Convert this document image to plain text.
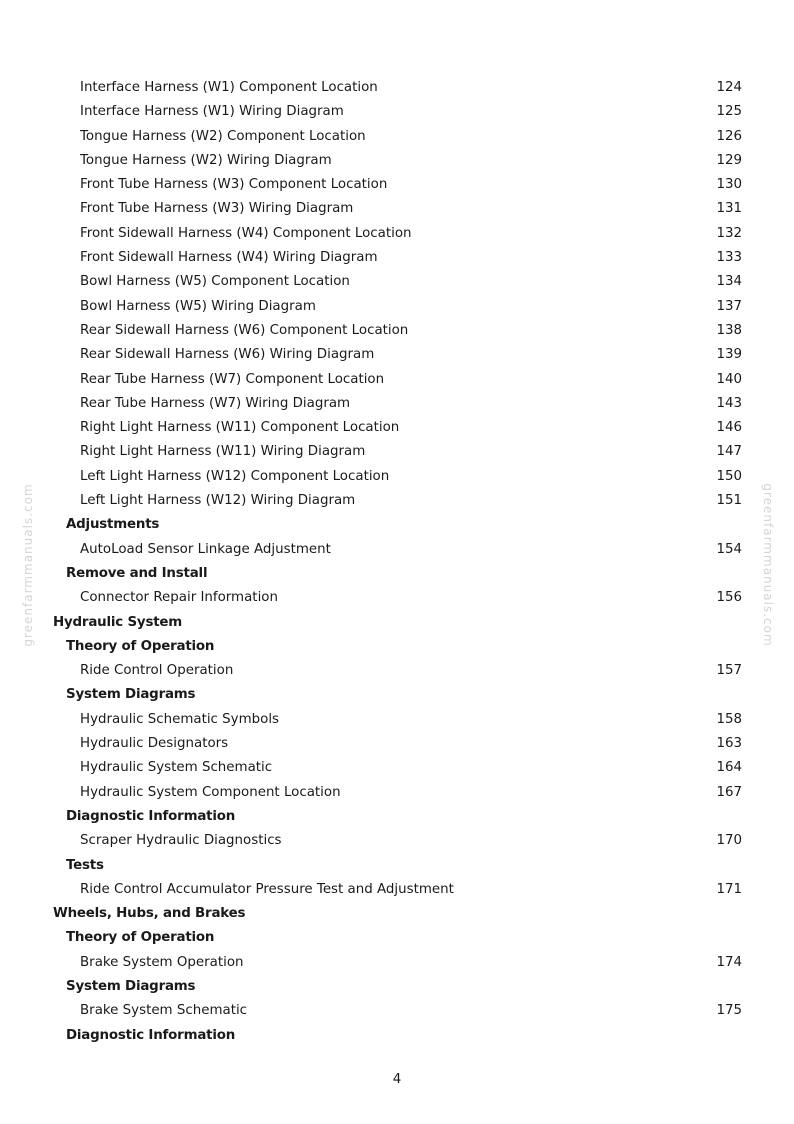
greenfarmmanuals.com	greenfarmmanuals.com
Interface Harness (W1) Component Location	124
Interface Harness (W1) Wiring Diagram	125
Tongue Harness (W2) Component Location	126
Tongue Harness (W2) Wiring Diagram	129
Front Tube Harness (W3) Component Location	130
Front Tube Harness (W3) Wiring Diagram	131
Front Sidewall Harness (W4) Component Location	132
Front Sidewall Harness (W4) Wiring Diagram	133
Bowl Harness (W5) Component Location	134
Bowl Harness (W5) Wiring Diagram	137
Rear Sidewall Harness (W6) Component Location	138
Rear Sidewall Harness (W6) Wiring Diagram	139
Rear Tube Harness (W7) Component Location	140
Rear Tube Harness (W7) Wiring Diagram	143
Right Light Harness (W11) Component Location	146
Right Light Harness (W11) Wiring Diagram	147
Left Light Harness (W12) Component Location	150
Left Light Harness (W12) Wiring Diagram	151
Adjustments
AutoLoad Sensor Linkage Adjustment	154
Remove and Install
Connector Repair Information	156
Hydraulic System
Theory of Operation
Ride Control Operation	157
System Diagrams
Hydraulic Schematic Symbols	158
Hydraulic Designators	163
Hydraulic System Schematic	164
Hydraulic System Component Location	167
Diagnostic Information
Scraper Hydraulic Diagnostics	170
Tests
Ride Control Accumulator Pressure Test and Adjustment	171
Wheels, Hubs, and Brakes
Theory of Operation
Brake System Operation	174
System Diagrams
Brake System Schematic	175
Diagnostic Information
4
